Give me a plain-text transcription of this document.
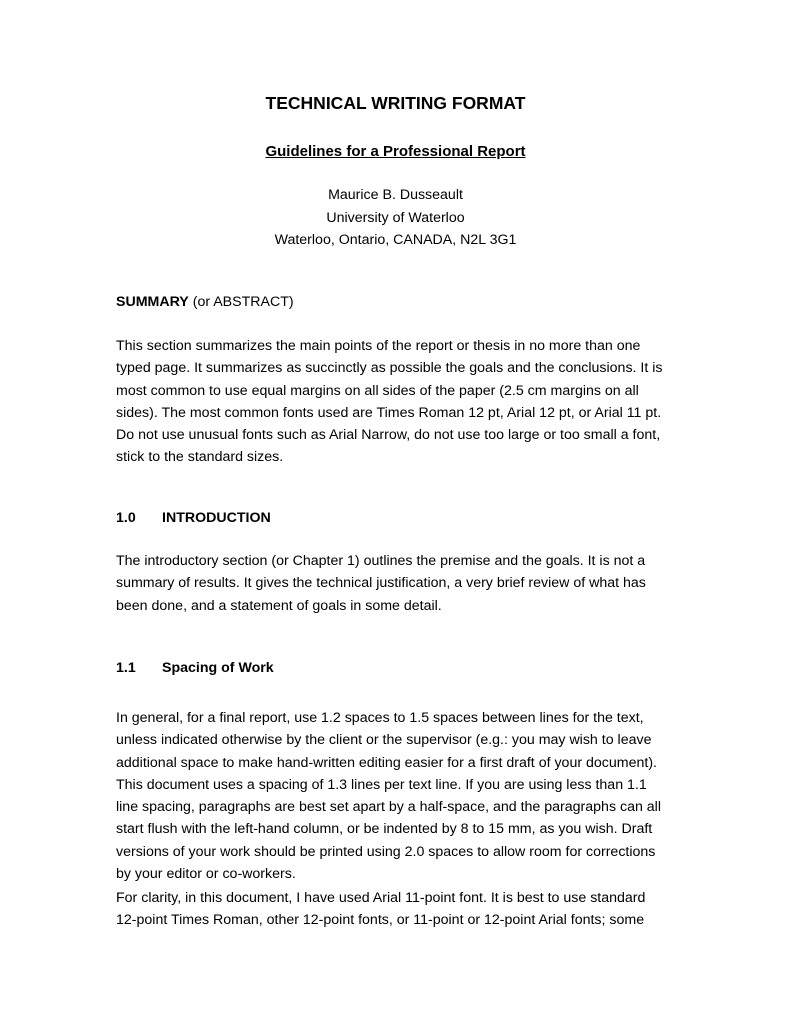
TECHNICAL WRITING FORMAT
Guidelines for a Professional Report
Maurice B. Dusseault
University of Waterloo
Waterloo, Ontario, CANADA, N2L 3G1
SUMMARY (or ABSTRACT)
This section summarizes the main points of the report or thesis in no more than one
typed page. It summarizes as succinctly as possible the goals and the conclusions. It is
most common to use equal margins on all sides of the paper (2.5 cm margins on all
sides). The most common fonts used are Times Roman 12 pt, Arial 12 pt, or Arial 11 pt.
Do not use unusual fonts such as Arial Narrow, do not use too large or too small a font,
stick to the standard sizes.
1.0 INTRODUCTION
The introductory section (or Chapter 1) outlines the premise and the goals. It is not a
summary of results. It gives the technical justification, a very brief review of what has
been done, and a statement of goals in some detail.
1.1 Spacing of Work
In general, for a final report, use 1.2 spaces to 1.5 spaces between lines for the text,
unless indicated otherwise by the client or the supervisor (e.g.: you may wish to leave
additional space to make hand-written editing easier for a first draft of your document).
This document uses a spacing of 1.3 lines per text line. If you are using less than 1.1
line spacing, paragraphs are best set apart by a half-space, and the paragraphs can all
start flush with the left-hand column, or be indented by 8 to 15 mm, as you wish. Draft
versions of your work should be printed using 2.0 spaces to allow room for corrections
by your editor or co-workers.
For clarity, in this document, I have used Arial 11-point font. It is best to use standard
12-point Times Roman, other 12-point fonts, or 11-point or 12-point Arial fonts; some
